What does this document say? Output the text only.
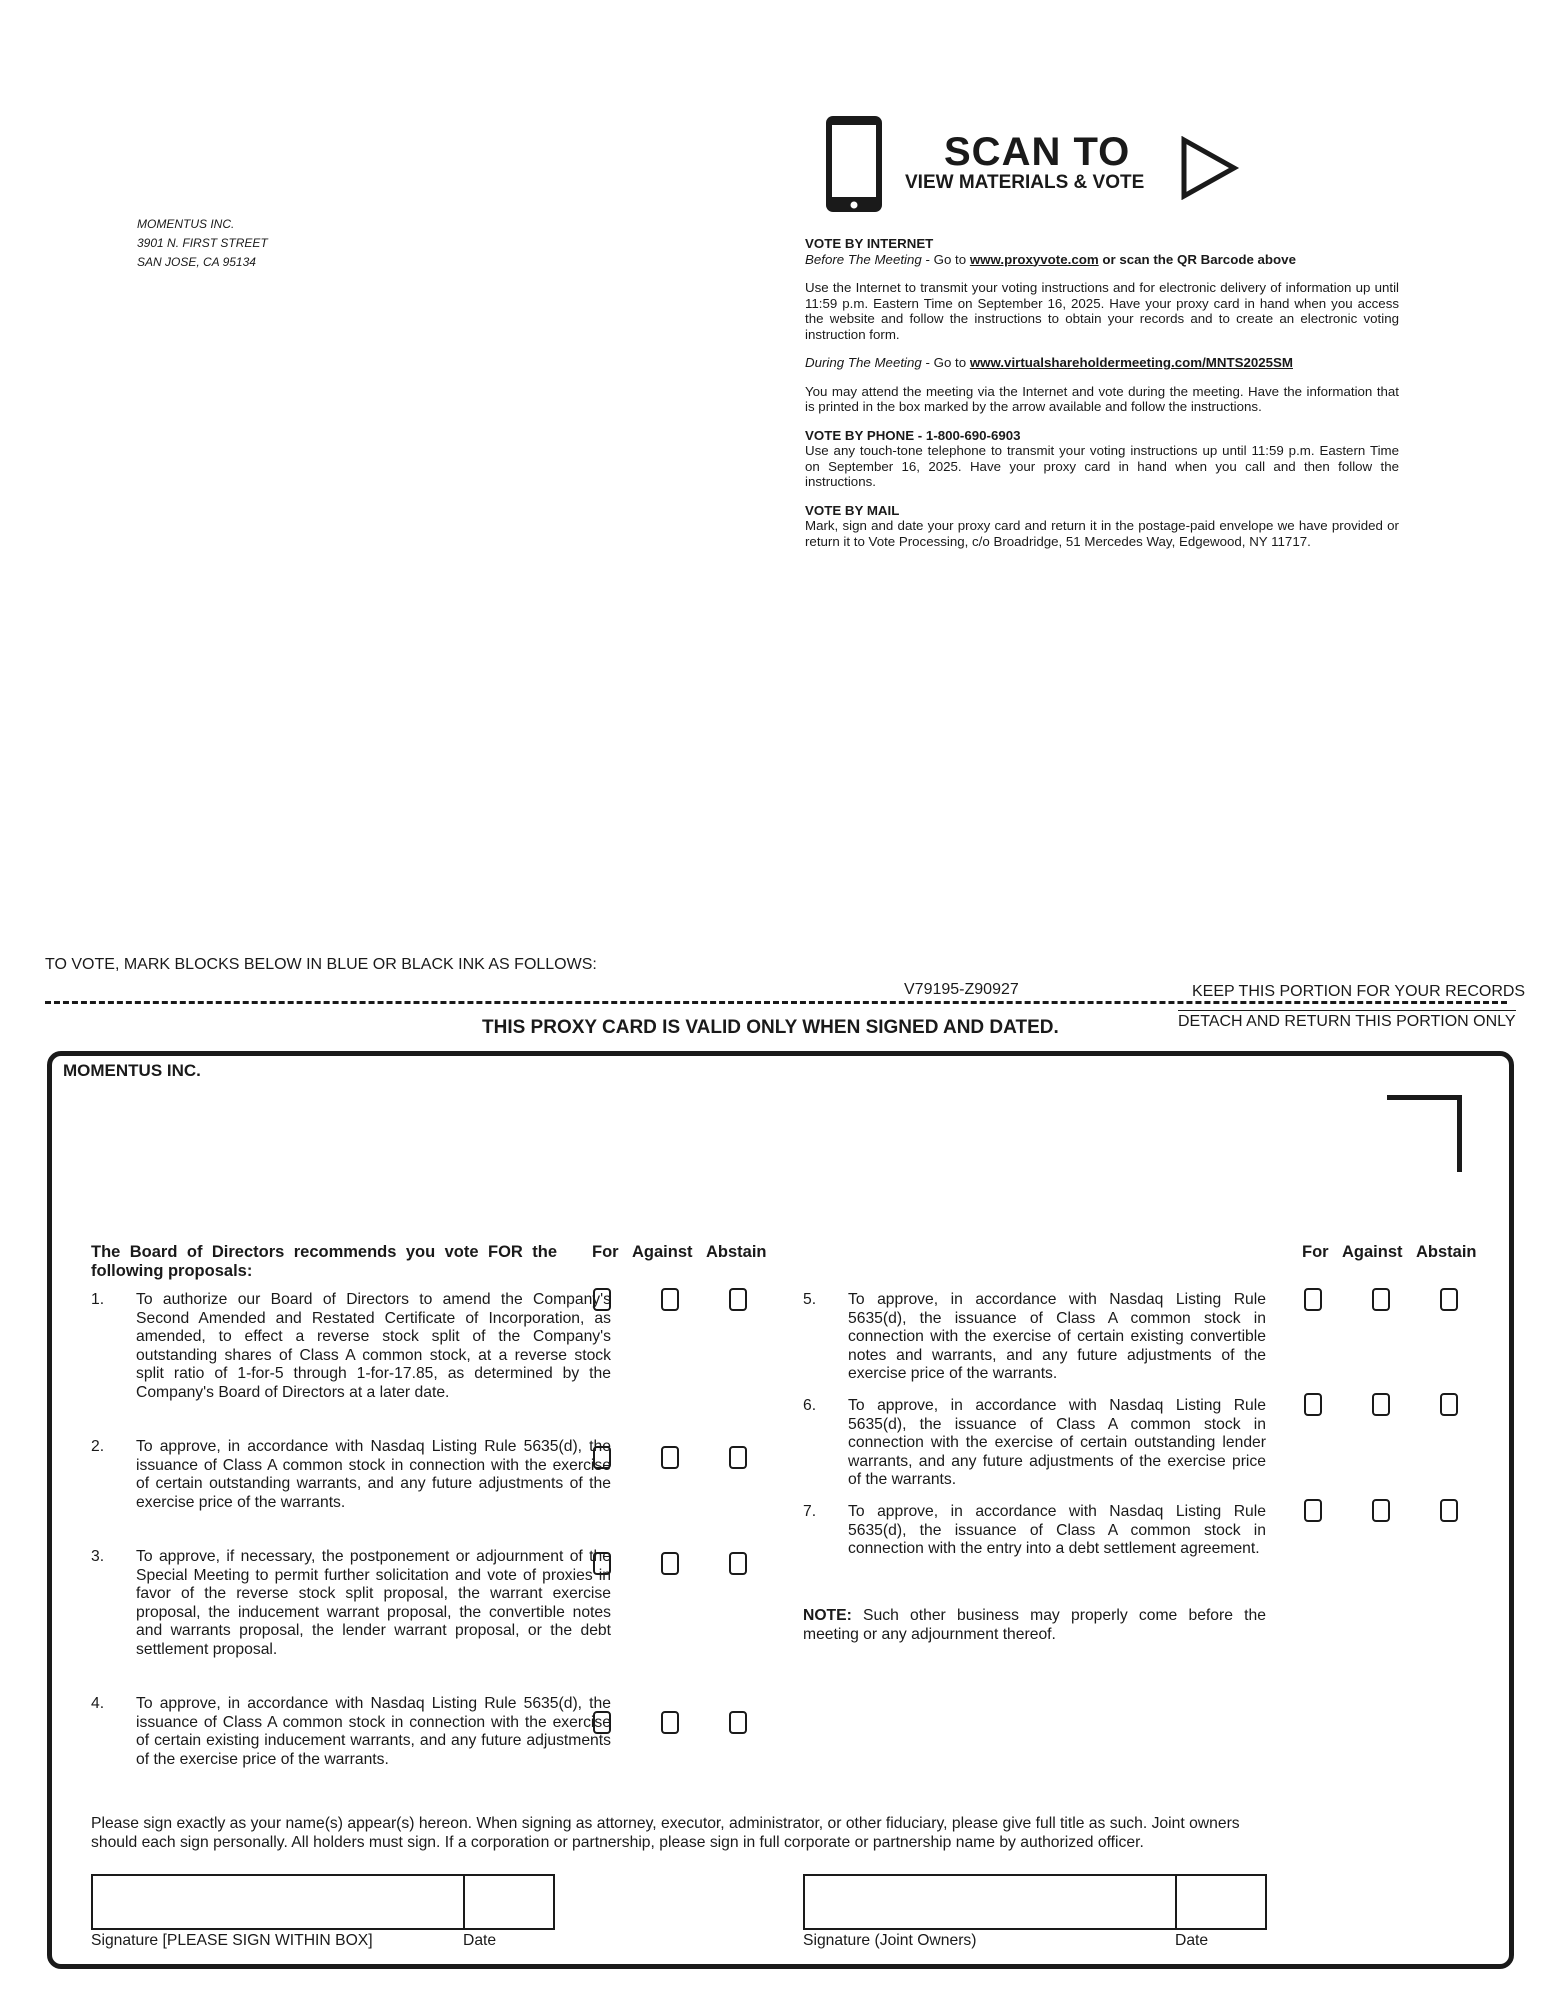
MOMENTUS INC.
3901 N. FIRST STREET
SAN JOSE, CA 95134
SCAN TO
VIEW MATERIALS & VOTE

VOTE BY INTERNET

Before The Meeting - Go to www.proxyvote.com or scan the QR Barcode above

Use the Internet to transmit your voting instructions and for electronic delivery of information up until 11:59 p.m. Eastern Time on September 16, 2025. Have your proxy card in hand when you access the website and follow the instructions to obtain your records and to create an electronic voting instruction form.

During The Meeting - Go to www.virtualshareholdermeeting.com/MNTS2025SM

You may attend the meeting via the Internet and vote during the meeting. Have the information that is printed in the box marked by the arrow available and follow the instructions.

VOTE BY PHONE - 1-800-690-6903

Use any touch-tone telephone to transmit your voting instructions up until 11:59 p.m. Eastern Time on September 16, 2025. Have your proxy card in hand when you call and then follow the instructions.

VOTE BY MAIL

Mark, sign and date your proxy card and return it in the postage-paid envelope we have provided or return it to Vote Processing, c/o Broadridge, 51 Mercedes Way, Edgewood, NY 11717.

TO VOTE, MARK BLOCKS BELOW IN BLUE OR BLACK INK AS FOLLOWS:
V79195-Z90927	KEEP THIS PORTION FOR YOUR RECORDS
DETACH AND RETURN THIS PORTION ONLY
THIS PROXY CARD IS VALID ONLY WHEN SIGNED AND DATED.
MOMENTUS INC.
The Board of Directors recommends you vote FOR the following proposals:
For Against Abstain	For Against Abstain
1. To authorize our Board of Directors to amend the Company's Second Amended and Restated Certificate of Incorporation, as amended, to effect a reverse stock split of the Company's outstanding shares of Class A common stock, at a reverse stock split ratio of 1-for-5 through 1-for-17.85, as determined by the Company's Board of Directors at a later date.
2. To approve, in accordance with Nasdaq Listing Rule 5635(d), the issuance of Class A common stock in connection with the exercise of certain outstanding warrants, and any future adjustments of the exercise price of the warrants.
3. To approve, if necessary, the postponement or adjournment of the Special Meeting to permit further solicitation and vote of proxies in favor of the reverse stock split proposal, the warrant exercise proposal, the inducement warrant proposal, the convertible notes and warrants proposal, the lender warrant proposal, or the debt settlement proposal.
4. To approve, in accordance with Nasdaq Listing Rule 5635(d), the issuance of Class A common stock in connection with the exercise of certain existing inducement warrants, and any future adjustments of the exercise price of the warrants.
5. To approve, in accordance with Nasdaq Listing Rule 5635(d), the issuance of Class A common stock in connection with the exercise of certain existing convertible notes and warrants, and any future adjustments of the exercise price of the warrants.
6. To approve, in accordance with Nasdaq Listing Rule 5635(d), the issuance of Class A common stock in connection with the exercise of certain outstanding lender warrants, and any future adjustments of the exercise price of the warrants.
7. To approve, in accordance with Nasdaq Listing Rule 5635(d), the issuance of Class A common stock in connection with the entry into a debt settlement agreement.
NOTE: Such other business may properly come before the meeting or any adjournment thereof.
Please sign exactly as your name(s) appear(s) hereon. When signing as attorney, executor, administrator, or other fiduciary, please give full title as such. Joint owners should each sign personally. All holders must sign. If a corporation or partnership, please sign in full corporate or partnership name by authorized officer.
Signature [PLEASE SIGN WITHIN BOX]	Date	Signature (Joint Owners)	Date
